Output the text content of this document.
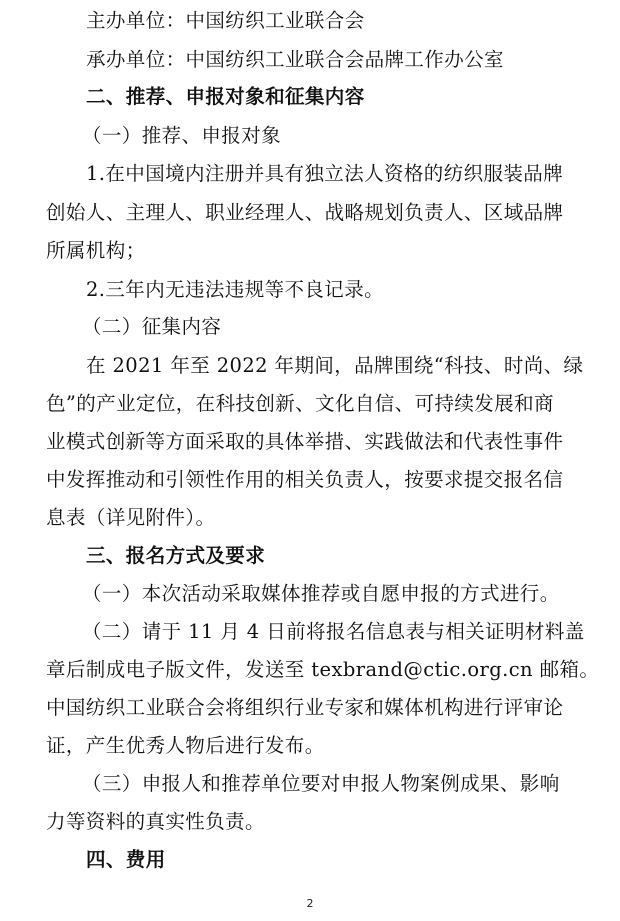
主办单位：中国纺织工业联合会
承办单位：中国纺织工业联合会品牌工作办公室
二、推荐、申报对象和征集内容
（一）推荐、申报对象
1.在中国境内注册并具有独立法人资格的纺织服装品牌
创始人、主理人、职业经理人、战略规划负责人、区域品牌
所属机构；
2.三年内无违法违规等不良记录。
（二）征集内容
在 2021 年至 2022 年期间，品牌围绕“科技、时尚、绿
色”的产业定位，在科技创新、文化自信、可持续发展和商
业模式创新等方面采取的具体举措、实践做法和代表性事件
中发挥推动和引领性作用的相关负责人，按要求提交报名信
息表（详见附件）。
三、报名方式及要求
（一）本次活动采取媒体推荐或自愿申报的方式进行。
（二）请于 11 月 4 日前将报名信息表与相关证明材料盖
章后制成电子版文件，发送至 texbrand@ctic.org.cn 邮箱。
中国纺织工业联合会将组织行业专家和媒体机构进行评审论
证，产生优秀人物后进行发布。
（三）申报人和推荐单位要对申报人物案例成果、影响
力等资料的真实性负责。
四、费用
2
